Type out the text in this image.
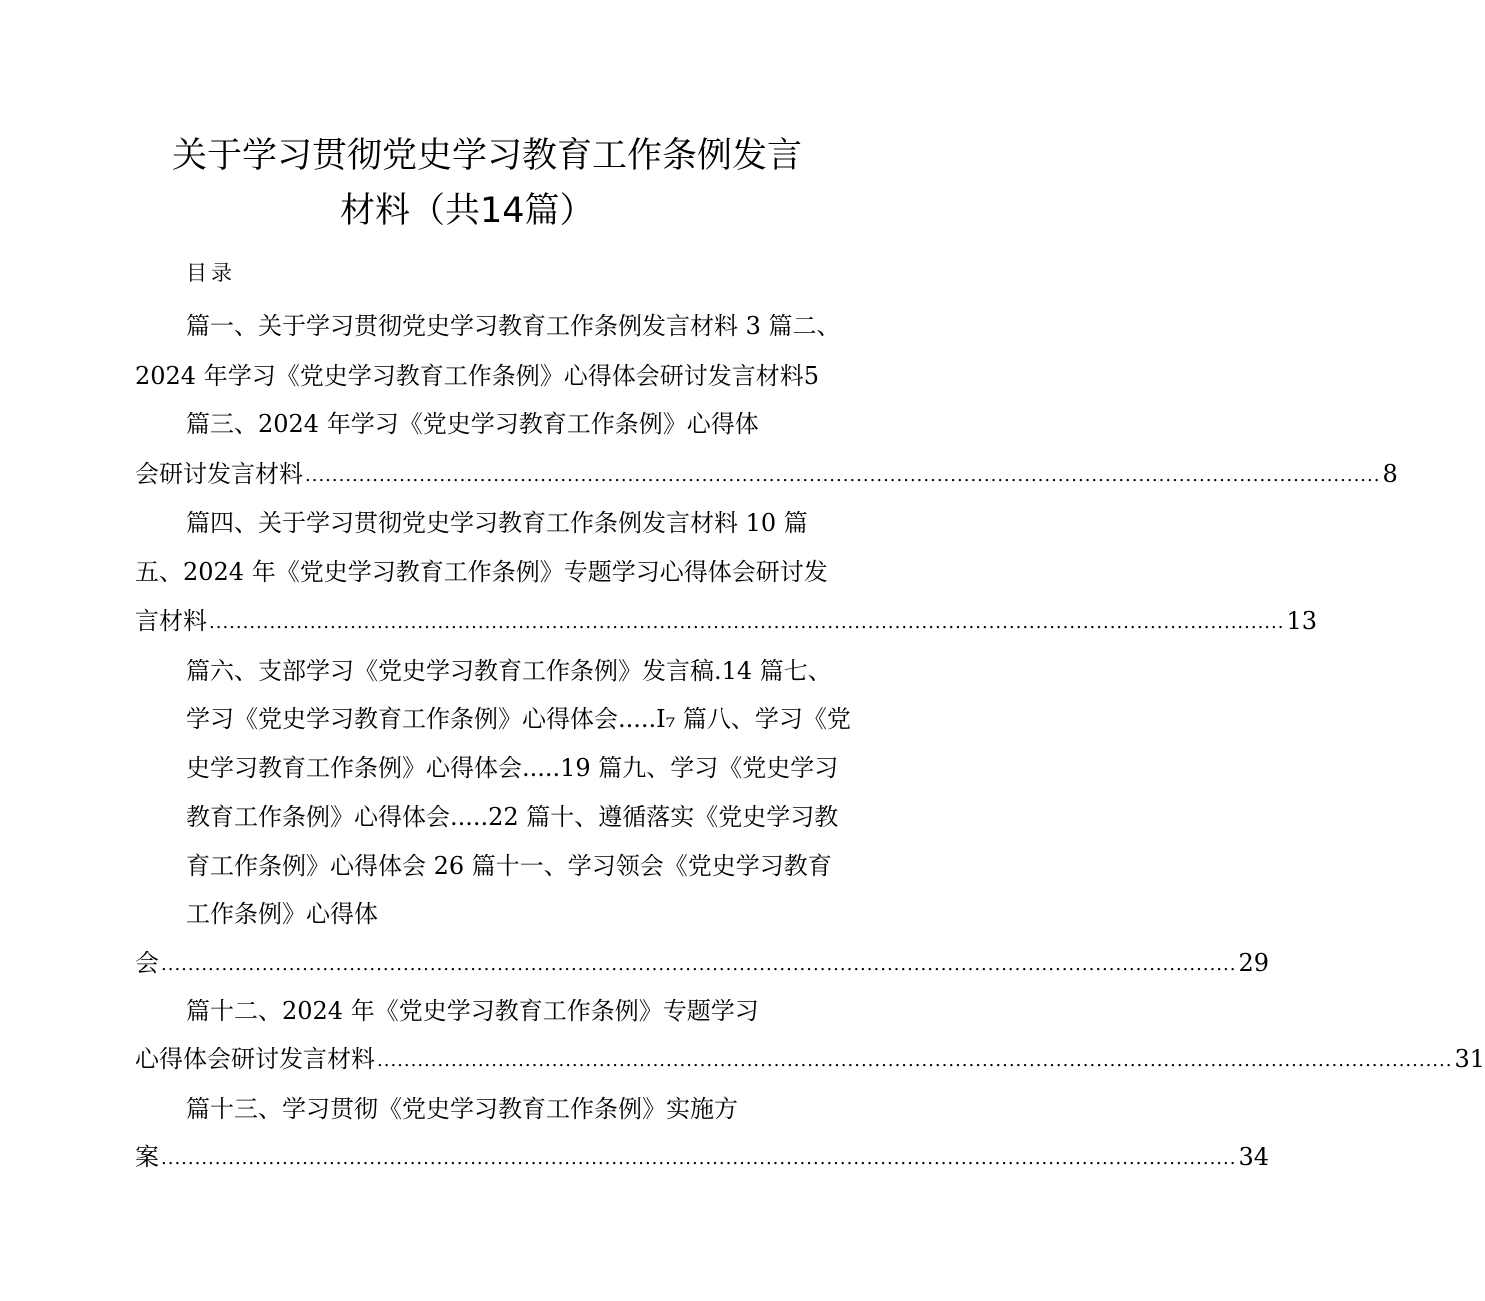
关于学习贯彻党史学习教育工作条例发言
材料（共14篇）
目录
篇一、关于学习贯彻党史学习教育工作条例发言材料 3 篇二、
2024 年学习《党史学习教育工作条例》心得体会研讨发言材料5
篇三、2024 年学习《党史学习教育工作条例》心得体
会研讨发言材料 ................................................................................................................................................................ 8
篇四、关于学习贯彻党史学习教育工作条例发言材料 10 篇
五、2024 年《党史学习教育工作条例》专题学习心得体会研讨发
言材料 ................................................................................................................................................................ 13
篇六、支部学习《党史学习教育工作条例》发言稿.14 篇七、
学习《党史学习教育工作条例》心得体会.....I₇ 篇八、学习《党
史学习教育工作条例》心得体会.....19 篇九、学习《党史学习
教育工作条例》心得体会.....22 篇十、遵循落实《党史学习教
育工作条例》心得体会 26 篇十一、学习领会《党史学习教育
工作条例》心得体
会 ................................................................................................................................................................ 29
篇十二、2024 年《党史学习教育工作条例》专题学习
心得体会研讨发言材料 ................................................................................................................................................................ 31
篇十三、学习贯彻《党史学习教育工作条例》实施方
案 ................................................................................................................................................................ 34
